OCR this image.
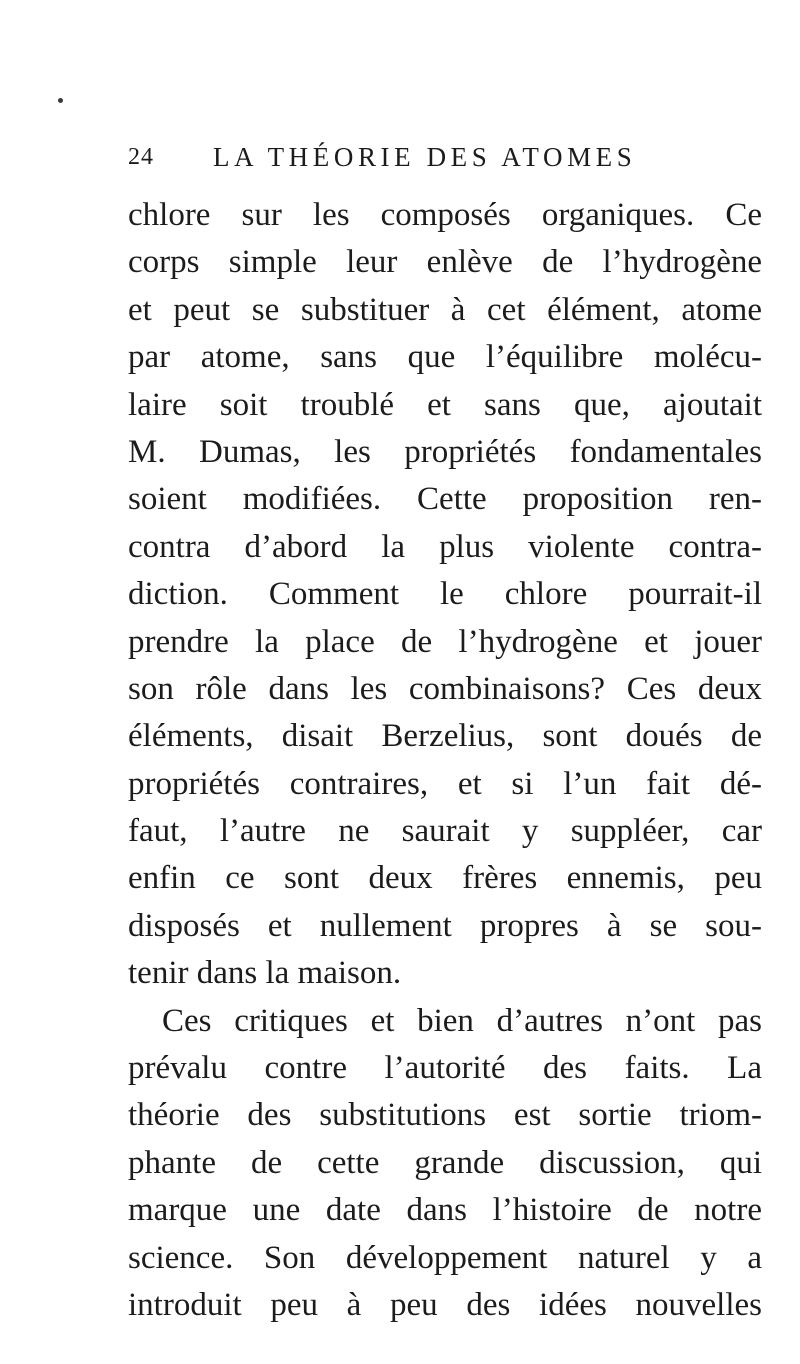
24 LA THÉORIE DES ATOMES
chlore sur les composés organiques. Ce
corps simple leur enlève de l’hydrogène
et peut se substituer à cet élément, atome
par atome, sans que l’équilibre molécu-
laire soit troublé et sans que, ajoutait
M. Dumas, les propriétés fondamentales
soient modifiées. Cette proposition ren-
contra d’abord la plus violente contra-
diction. Comment le chlore pourrait-il
prendre la place de l’hydrogène et jouer
son rôle dans les combinaisons? Ces deux
éléments, disait Berzelius, sont doués de
propriétés contraires, et si l’un fait dé-
faut, l’autre ne saurait y suppléer, car
enfin ce sont deux frères ennemis, peu
disposés et nullement propres à se sou-
tenir dans la maison.
Ces critiques et bien d’autres n’ont pas
prévalu contre l’autorité des faits. La
théorie des substitutions est sortie triom-
phante de cette grande discussion, qui
marque une date dans l’histoire de notre
science. Son développement naturel y a
introduit peu à peu des idées nouvelles
